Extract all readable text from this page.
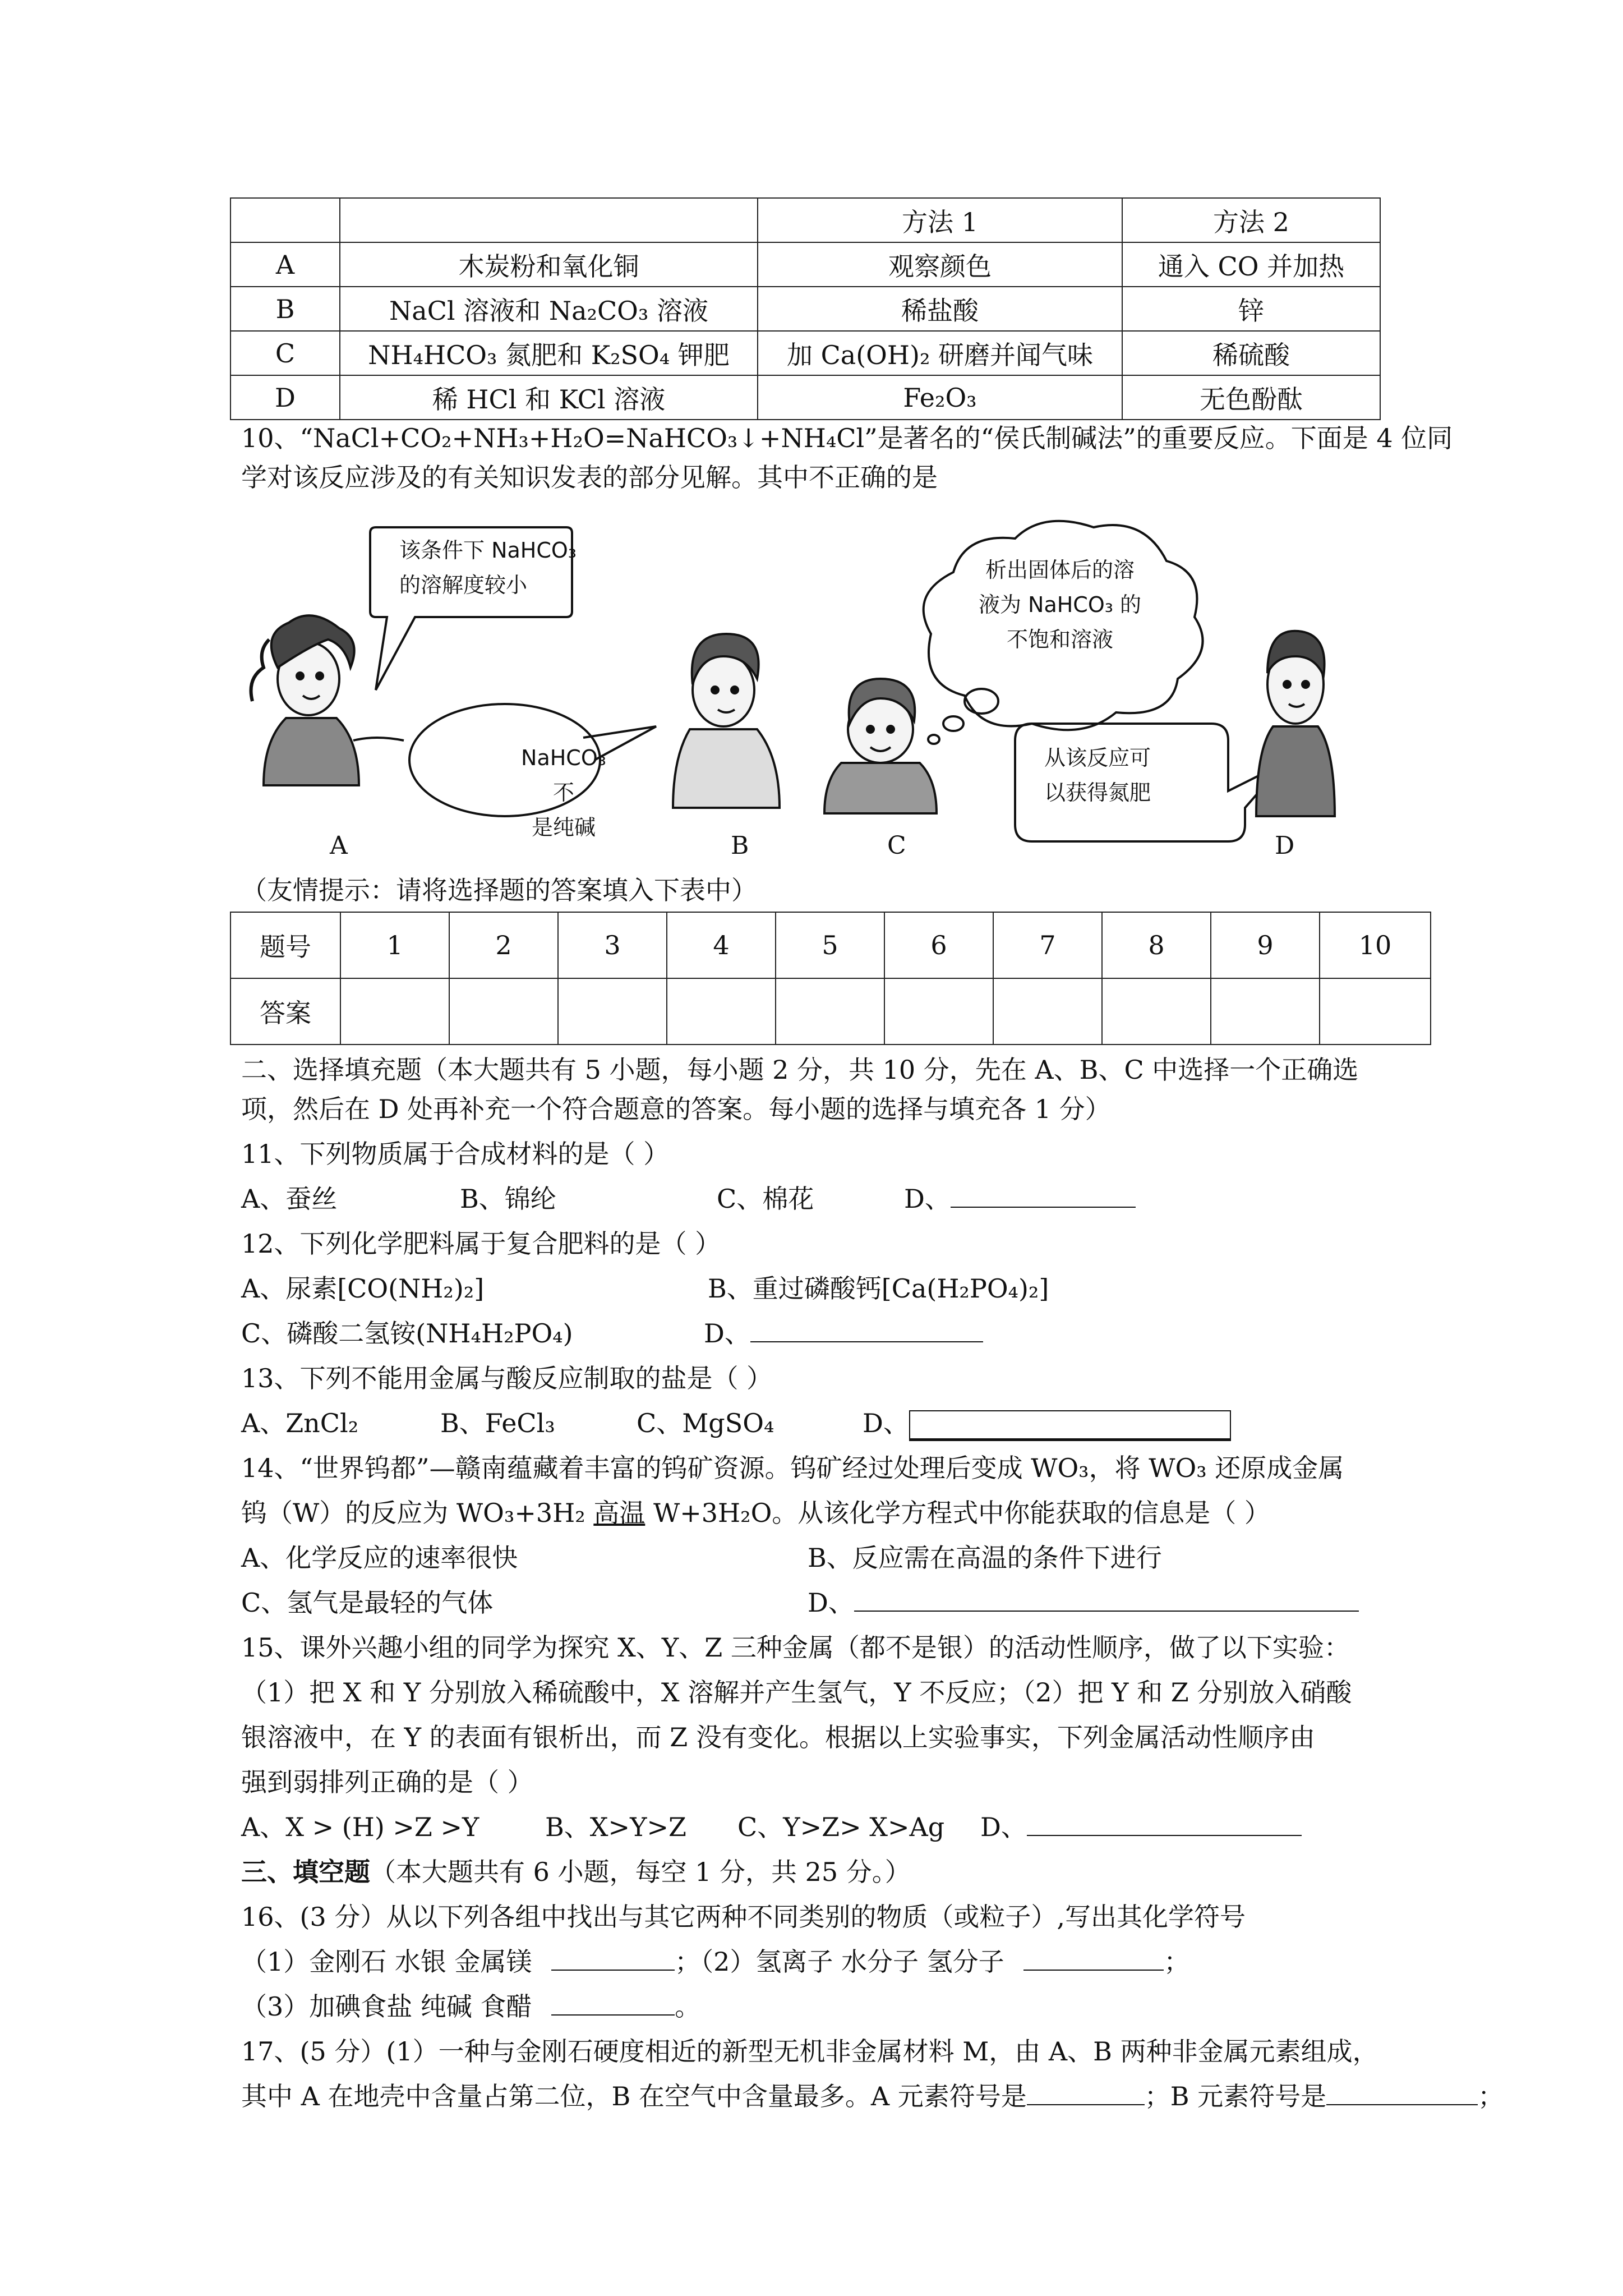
		方法 1	方法 2
A	木炭粉和氧化铜	观察颜色	通入 CO 并加热
B	NaCl 溶液和 Na₂CO₃ 溶液	稀盐酸	锌
C	NH₄HCO₃ 氮肥和 K₂SO₄ 钾肥	加 Ca(OH)₂ 研磨并闻气味	稀硫酸
D	稀 HCl 和 KCl 溶液	Fe₂O₃	无色酚酞
10、“NaCl+CO₂+NH₃+H₂O=NaHCO₃↓+NH₄Cl”是著名的“侯氏制碱法”的重要反应。下面是 4 位同
学对该反应涉及的有关知识发表的部分见解。其中不正确的是
该条件下 NaHCO₃
的溶解度较小
NaHCO₃ 不
是纯碱
析出固体后的溶
液为 NaHCO₃ 的
不饱和溶液
从该反应可
以获得氮肥
A	B	C	D
（友情提示：请将选择题的答案填入下表中）
题号	1	2	3	4	5	6	7	8	9	10
答案										
二、选择填充题（本大题共有 5 小题，每小题 2 分，共 10 分，先在 A、B、C 中选择一个正确选
项，然后在 D 处再补充一个符合题意的答案。每小题的选择与填充各 1 分）
11、下列物质属于合成材料的是（ ）
A、蚕丝	B、锦纶	C、棉花	D、
12、下列化学肥料属于复合肥料的是（ ）
A、尿素[CO(NH₂)₂]	B、重过磷酸钙[Ca(H₂PO₄)₂]
C、磷酸二氢铵(NH₄H₂PO₄)	D、
13、下列不能用金属与酸反应制取的盐是（ ）
A、ZnCl₂	B、FeCl₃	C、MgSO₄	D、
14、“世界钨都”—赣南蕴藏着丰富的钨矿资源。钨矿经过处理后变成 WO₃，将 WO₃ 还原成金属
钨（W）的反应为 WO₃+3H₂ 高温 W+3H₂O。从该化学方程式中你能获取的信息是（ ）
A、化学反应的速率很快	B、反应需在高温的条件下进行
C、氢气是最轻的气体	D、
15、课外兴趣小组的同学为探究 X、Y、Z 三种金属（都不是银）的活动性顺序，做了以下实验：
（1）把 X 和 Y 分别放入稀硫酸中，X 溶解并产生氢气，Y 不反应；（2）把 Y 和 Z 分别放入硝酸
银溶液中，在 Y 的表面有银析出，而 Z 没有变化。根据以上实验事实，下列金属活动性顺序由
强到弱排列正确的是（ ）
A、X > (H) >Z >Y	B、X>Y>Z C、Y>Z> X>Ag D、
三、填空题（本大题共有 6 小题，每空 1 分，共 25 分。）
16、(3 分）从以下列各组中找出与其它两种不同类别的物质（或粒子）,写出其化学符号
（1）金刚石 水银 金属镁	；（2）氢离子 水分子 氢分子	；
（3）加碘食盐 纯碱 食醋	。
17、(5 分）(1）一种与金刚石硬度相近的新型无机非金属材料 M，由 A、B 两种非金属元素组成，
其中 A 在地壳中含量占第二位，B 在空气中含量最多。A 元素符号是	；B 元素符号是	；
